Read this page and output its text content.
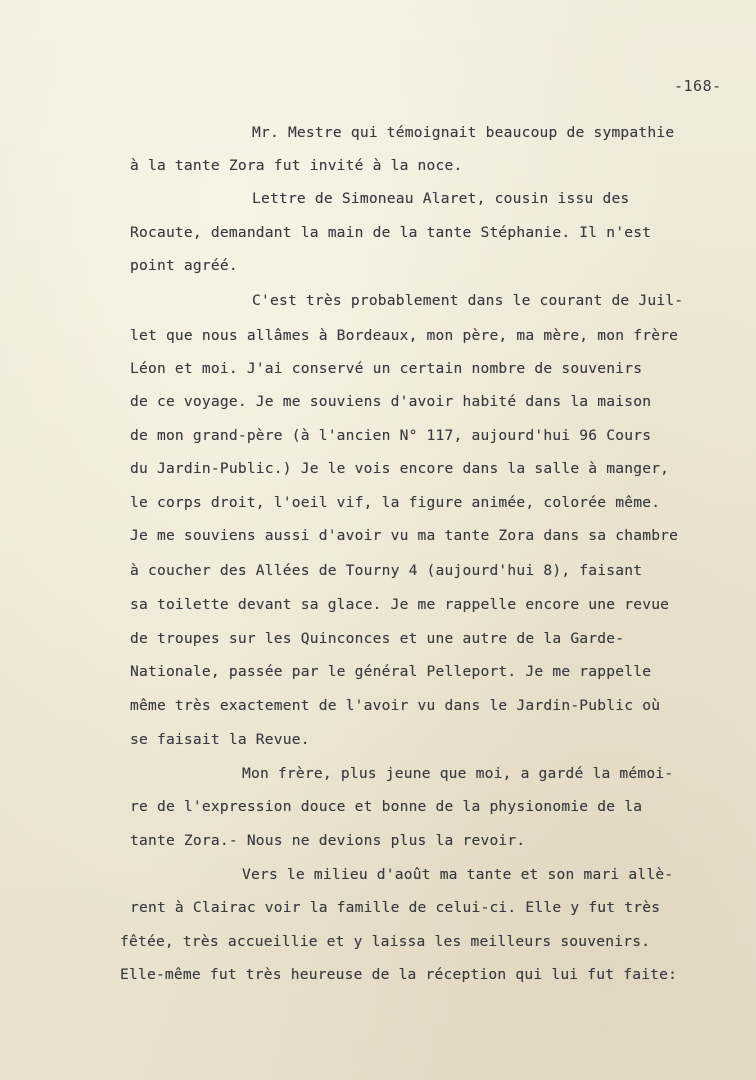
-168-
Mr. Mestre qui témoignait beaucoup de sympathie
à la tante Zora fut invité à la noce.
Lettre de Simoneau Alaret, cousin issu des
Rocaute, demandant la main de la tante Stéphanie. Il n'est
point agréé.
C'est très probablement dans le courant de Juil-
let que nous allâmes à Bordeaux, mon père, ma mère, mon frère
Léon et moi. J'ai conservé un certain nombre de souvenirs
de ce voyage. Je me souviens d'avoir habité dans la maison
de mon grand-père (à l'ancien N° 117, aujourd'hui 96 Cours
du Jardin-Public.) Je le vois encore dans la salle à manger,
le corps droit, l'oeil vif, la figure animée, colorée même.
Je me souviens aussi d'avoir vu ma tante Zora dans sa chambre
à coucher des Allées de Tourny 4 (aujourd'hui 8), faisant
sa toilette devant sa glace. Je me rappelle encore une revue
de troupes sur les Quinconces et une autre de la Garde-
Nationale, passée par le général Pelleport. Je me rappelle
même très exactement de l'avoir vu dans le Jardin-Public où
se faisait la Revue.
Mon frère, plus jeune que moi, a gardé la mémoi-
re de l'expression douce et bonne de la physionomie de la
tante Zora.- Nous ne devions plus la revoir.
Vers le milieu d'août ma tante et son mari allè-
rent à Clairac voir la famille de celui-ci. Elle y fut très
fêtée, très accueillie et y laissa les meilleurs souvenirs.
Elle-même fut très heureuse de la réception qui lui fut faite:
